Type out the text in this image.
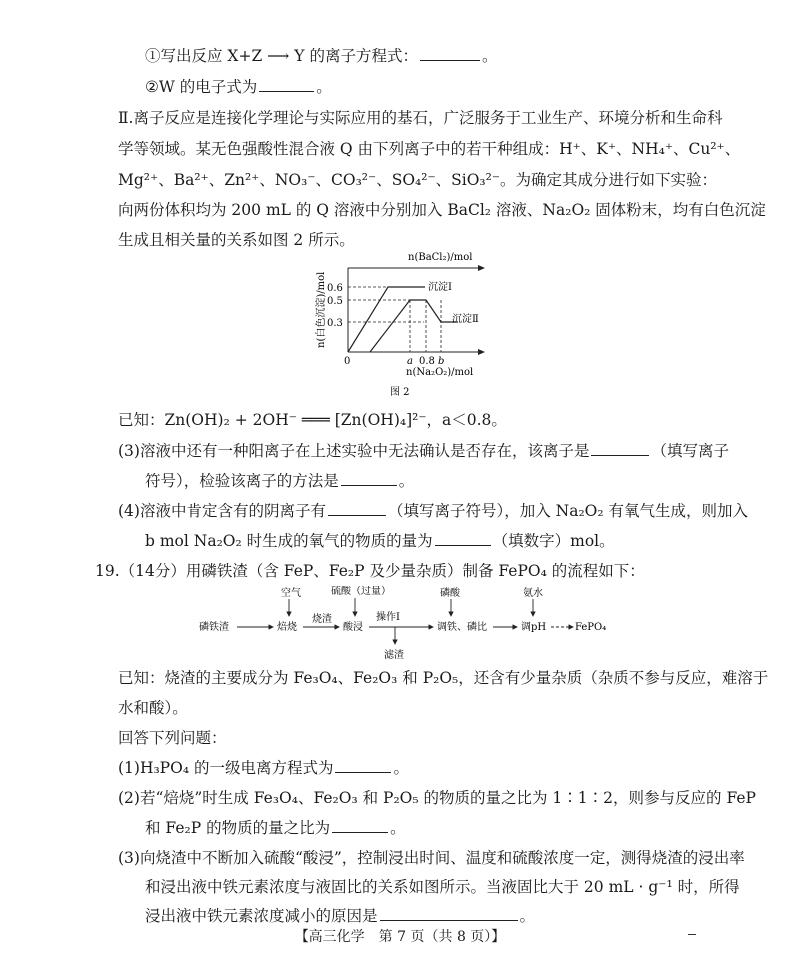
①写出反应 X+Z ⟶ Y 的离子方程式：	。
②W 的电子式为	。
Ⅱ.离子反应是连接化学理论与实际应用的基石，广泛服务于工业生产、环境分析和生命科
学等领域。某无色强酸性混合液 Q 由下列离子中的若干种组成：H⁺、K⁺、NH₄⁺、Cu²⁺、
Mg²⁺、Ba²⁺、Zn²⁺、NO₃⁻、CO₃²⁻、SO₄²⁻、SiO₃²⁻。为确定其成分进行如下实验：
向两份体积均为 200 mL 的 Q 溶液中分别加入 BaCl₂ 溶液、Na₂O₂ 固体粉末，均有白色沉淀
生成且相关量的关系如图 2 所示。
n(BaCl₂)/mol
n(白色沉淀)/mol 0.6
0.5
0.3
沉淀Ⅰ
沉淀Ⅱ
0	a 0.8 b
n(Na₂O₂)/mol
图 2
已知：Zn(OH)₂ + 2OH⁻ ═══ [Zn(OH)₄]²⁻，a＜0.8。
(3)溶液中还有一种阳离子在上述实验中无法确认是否存在，该离子是	（填写离子
符号），检验该离子的方法是	。
(4)溶液中肯定含有的阴离子有	（填写离子符号），加入 Na₂O₂ 有氧气生成，则加入
b mol Na₂O₂ 时生成的氧气的物质的量为	（填数字）mol。
19.（14分）用磷铁渣（含 FeP、Fe₂P 及少量杂质）制备 FePO₄ 的流程如下：
空气	硫酸（过量）	磷酸	氨水
磷铁渣	焙烧
烧渣
酸浸
操作Ⅰ
滤渣
调铁、磷比	调pH	FePO₄
已知：烧渣的主要成分为 Fe₃O₄、Fe₂O₃ 和 P₂O₅，还含有少量杂质（杂质不参与反应，难溶于
水和酸）。
回答下列问题：
(1)H₃PO₄ 的一级电离方程式为	。
(2)若“焙烧”时生成 Fe₃O₄、Fe₂O₃ 和 P₂O₅ 的物质的量之比为 1∶1∶2，则参与反应的 FeP
和 Fe₂P 的物质的量之比为	。
(3)向烧渣中不断加入硫酸“酸浸”，控制浸出时间、温度和硫酸浓度一定，测得烧渣的浸出率
和浸出液中铁元素浓度与液固比的关系如图所示。当液固比大于 20 mL · g⁻¹ 时，所得
浸出液中铁元素浓度减小的原因是	。
【高三化学　第 7 页（共 8 页）】
